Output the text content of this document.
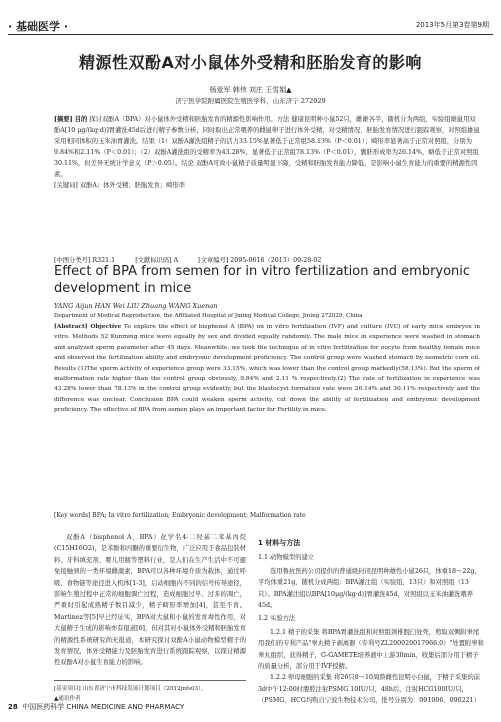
· 基础医学 ·	2013年5月第3卷第9期
精源性双酚A对小鼠体外受精和胚胎发育的影响
杨爱军 韩伟 刘庄 王雪娟▲
济宁医学院附属医院生殖医学科，山东济宁 272029

[摘要] 目的 探讨双酚A（BPA）对小鼠体外受精和胚胎发育的精源性影响作用。方法 健康昆明种小鼠52只，雌雄各半，随机分为两组，实验组雄鼠用双酚A[10 μg/(kg·d)]胃灌洗45d后进行精子参数分析，同时取出正常喂养的雌鼠卵子进行体外受精，对受精情况、胚胎发育情况进行跟踪观察，对照组雄鼠采用相同体积的玉米油胃灌洗。结果（1）双酚A灌洗组精子的活力33.15%显著低于正常组58.13%（P＜0.01）；畸形率显著高于正常对照组，分别为9.84%和2.11%（P＜0.01）；（2）双酚A灌洗组的受精率为43.28%，显著低于正常组78.13%（P＜0.01），囊胚形成率为26.14%，略低于正常对照组30.11%，但差异无统计学意义（P＞0.05）。结论 双酚A可致小鼠精子质量明显下降，受精和胚胎发育能力降低，是影响小鼠生育能力的重要的精源性因素。

[关键词] 双酚A；体外受精；胚胎发育；畸形率

[中图分类号] R321.1	[文献标识码] A	[文章编号] 2095-0616（2013）09-28-02
Effect of BPA from semen for in vitro fertilization and embryonic development in mice
YANG Aijun HAN Wei LIU Zhuang WANG Xuenan
Department of Medical Reproduction, the Affiliated Hospital of Jining Medical College, Jining 272029, China

[Abstract] Objective To explore the effect of bisphenol A (BPA) on in vitro fertilization (IVF) and culture (IVC) of early mice embryos in vitro. Methods 52 Kunming mice were equally by sex and divided equally randomly. The male mice in experience were washed in stomach and analyzed sperm parameter after 45 days. Meanwhile, we took the technique of in vitro fertilization for oocyte from healthy female mice and observed the fertilization ability and embryonic development proficiency. The control group were washed stomach by isometric corn oil. Results (1)The sperm activity of experience group were 33.15%, which was lower than the control group markedly(58.13%). But the sperm of malformation rate higher than the control group obviously, 9.84% and 2.11 % respectively.(2) The rate of fertilization in experience was 43.28% lower than 78.13% in the control group evidently, but the blastocyst formation rate were 26.14% and 30.11% respectively and the difference was unclear. Conclusion BPA could weaken sperm activity, cut down the ability of fertilization and embryonic development proficiency. The effective of BPA from semen plays an important factor for Fertility in mice.

[Key words] BPA; In vitro fertilization; Embryonic development; Malformation rate

双酚A（bisphenol A，BPA）化学名4-二羟基二苯基丙烷(C15H16O2)，是苯酚和丙酮的重要衍生物，广泛应用于食品包装材料、牙科填充剂、婴儿用瓶等塑料行业，是人们在生产生活中不可避免接触到的一类环境雌激素，BPA可以各种环境介质为载体，通过呼吸、食物链等途径进入机体[1-3]，启动细胞内不同的信号传导途径，影响生殖过程中正常的细胞调亡过程，造成细胞过早、过多的凋亡，严重时引起成熟精子数目减少，精子畸形率增加[4]，甚至不育。Martinez等[5]早已经证实，BPA对大鼠和小鼠的发育毒性作用，对大鼠精子生成的影响亦有报道[6]，但对其对小鼠体外受精和胚胎发育的精源性系统研究尚无报道，本研究探讨双酚A小鼠动物模型精子的发育情况，体外受精能力及胚胎发育进行系统跟踪观察，以探讨精源性双酚A对小鼠生育能力的影响。

[基金项目] 山东省济宁市科技发展计划项目（2012jnfs03）。
▲通讯作者

1 材料与方法

1.1 动物模型的建立

选用鲁抗医药公司提供的普通级封闭昆明种雄性小鼠26只，体重18～22g，平均体重21g，随机分成两组：BPA灌注组（实验组，13只）和对照组（13只）。BPA灌注组以BPA[10μg/(kg·d)]胃灌洗45d，对照组以玉米油灌洗喂养45d。

1.2 实验方法

1.2.1 精子的采集 将BPA胃灌洗组和对照组颈椎脱臼处死，剪取双侧附睾尾用我们的专利产品"睾丸精子剥离器（专利号ZL200920017966.0）"处置附睾和睾丸组织，获得精子，G-GAMETE培养液中上游30min，收集后部分用于精子的质量分析，部分用于IVF授精。

1.2.2 卵母细胞的采集 将26只8～10周龄雌性昆明小白鼠，于精子采集的前3d中午12:00时腹腔注射PSMG 10IU/只，48h后，注射HCG100IU/只，（PSMG、HCG均购自宁波生物技术公司，批号分别为：091006、090221）

28 中国医药科学 CHINA MEDICINE AND PHARMACY
